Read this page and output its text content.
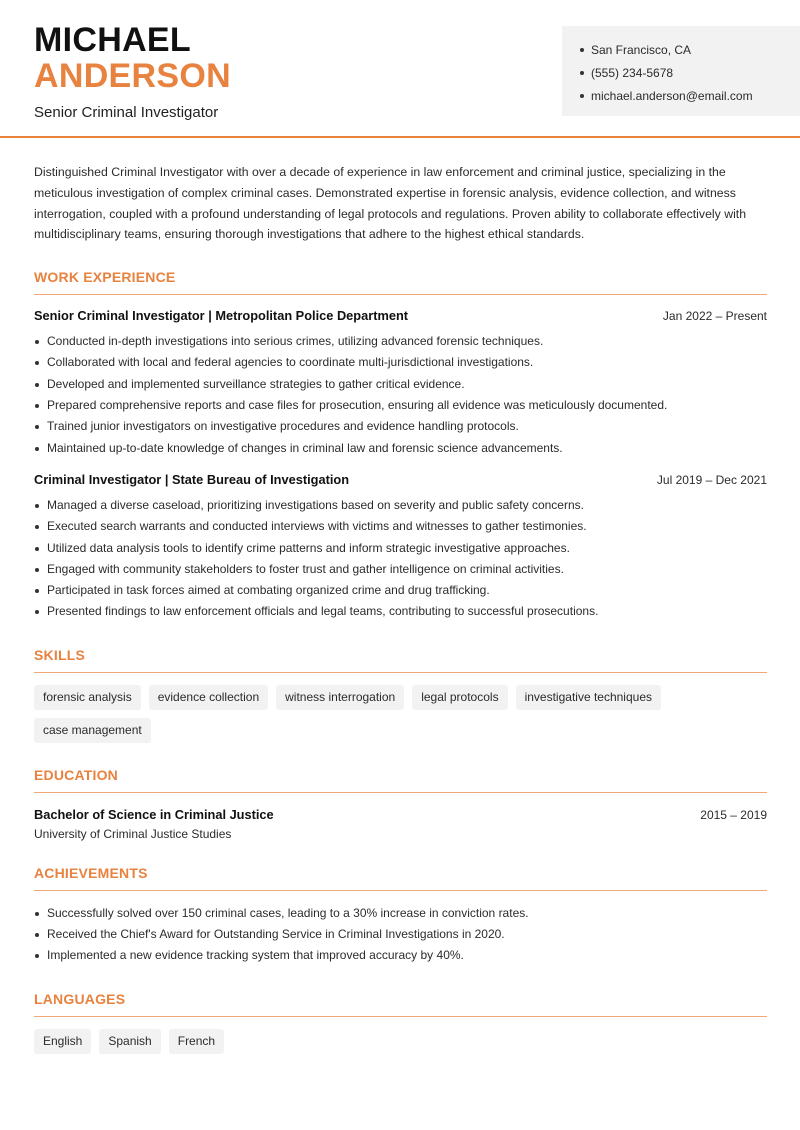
MICHAEL
ANDERSON
Senior Criminal Investigator
San Francisco, CA
(555) 234-5678
michael.anderson@email.com

Distinguished Criminal Investigator with over a decade of experience in law enforcement and criminal justice, specializing in the meticulous investigation of complex criminal cases. Demonstrated expertise in forensic analysis, evidence collection, and witness interrogation, coupled with a profound understanding of legal protocols and regulations. Proven ability to collaborate effectively with multidisciplinary teams, ensuring thorough investigations that adhere to the highest ethical standards.

WORK EXPERIENCE
Senior Criminal Investigator | Metropolitan Police Department	Jan 2022 – Present
Conducted in-depth investigations into serious crimes, utilizing advanced forensic techniques.
Collaborated with local and federal agencies to coordinate multi-jurisdictional investigations.
Developed and implemented surveillance strategies to gather critical evidence.
Prepared comprehensive reports and case files for prosecution, ensuring all evidence was meticulously documented.
Trained junior investigators on investigative procedures and evidence handling protocols.
Maintained up-to-date knowledge of changes in criminal law and forensic science advancements.
Criminal Investigator | State Bureau of Investigation	Jul 2019 – Dec 2021
Managed a diverse caseload, prioritizing investigations based on severity and public safety concerns.
Executed search warrants and conducted interviews with victims and witnesses to gather testimonies.
Utilized data analysis tools to identify crime patterns and inform strategic investigative approaches.
Engaged with community stakeholders to foster trust and gather intelligence on criminal activities.
Participated in task forces aimed at combating organized crime and drug trafficking.
Presented findings to law enforcement officials and legal teams, contributing to successful prosecutions.
SKILLS
forensic analysis	evidence collection	witness interrogation	legal protocols	investigative techniques
case management
EDUCATION
Bachelor of Science in Criminal Justice	2015 – 2019
University of Criminal Justice Studies
ACHIEVEMENTS
Successfully solved over 150 criminal cases, leading to a 30% increase in conviction rates.
Received the Chief's Award for Outstanding Service in Criminal Investigations in 2020.
Implemented a new evidence tracking system that improved accuracy by 40%.
LANGUAGES
English	Spanish	French
